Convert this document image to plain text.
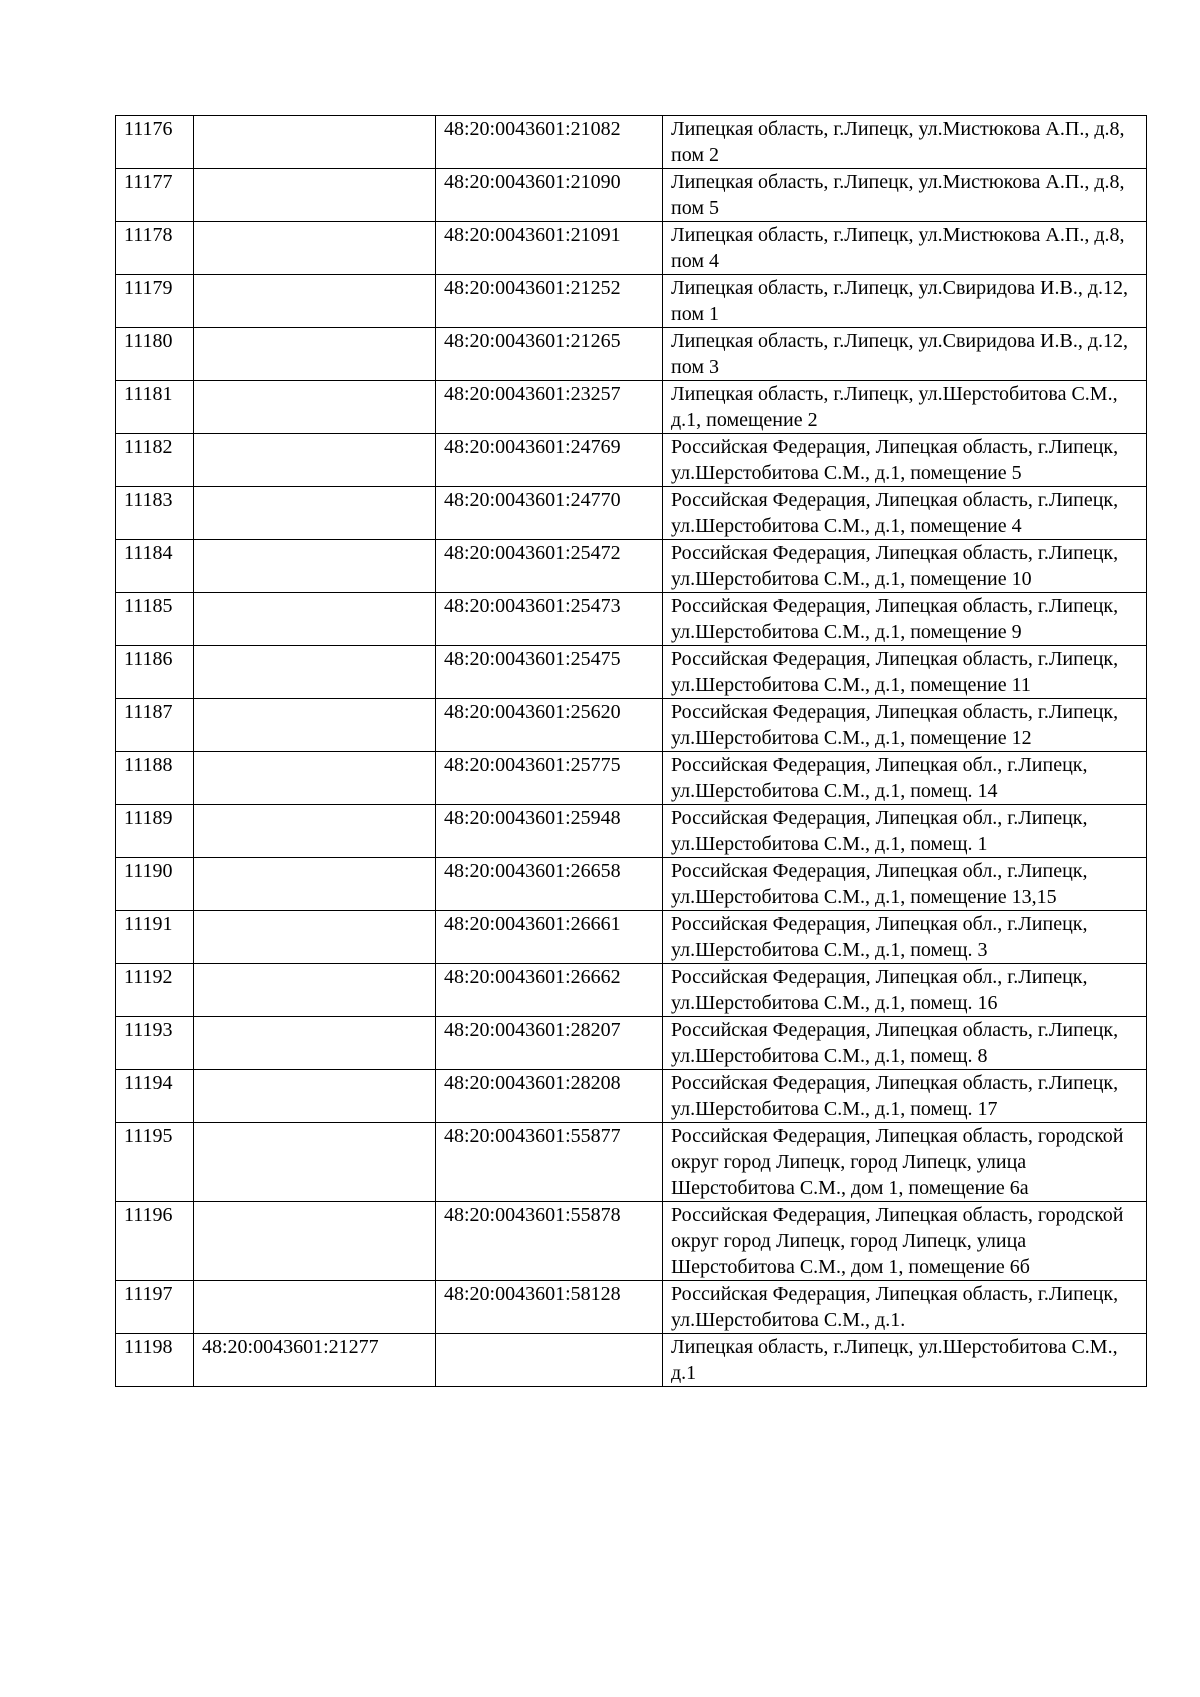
11176		48:20:0043601:21082	Липецкая область, г.Липецк, ул.Мистюкова А.П., д.8, пом 2
11177		48:20:0043601:21090	Липецкая область, г.Липецк, ул.Мистюкова А.П., д.8, пом 5
11178		48:20:0043601:21091	Липецкая область, г.Липецк, ул.Мистюкова А.П., д.8, пом 4
11179		48:20:0043601:21252	Липецкая область, г.Липецк, ул.Свиридова И.В., д.12, пом 1
11180		48:20:0043601:21265	Липецкая область, г.Липецк, ул.Свиридова И.В., д.12, пом 3
11181		48:20:0043601:23257	Липецкая область, г.Липецк, ул.Шерстобитова С.М., д.1, помещение 2
11182		48:20:0043601:24769	Российская Федерация, Липецкая область, г.Липецк, ул.Шерстобитова С.М., д.1, помещение 5
11183		48:20:0043601:24770	Российская Федерация, Липецкая область, г.Липецк, ул.Шерстобитова С.М., д.1, помещение 4
11184		48:20:0043601:25472	Российская Федерация, Липецкая область, г.Липецк, ул.Шерстобитова С.М., д.1, помещение 10
11185		48:20:0043601:25473	Российская Федерация, Липецкая область, г.Липецк, ул.Шерстобитова С.М., д.1, помещение 9
11186		48:20:0043601:25475	Российская Федерация, Липецкая область, г.Липецк, ул.Шерстобитова С.М., д.1, помещение 11
11187		48:20:0043601:25620	Российская Федерация, Липецкая область, г.Липецк, ул.Шерстобитова С.М., д.1, помещение 12
11188		48:20:0043601:25775	Российская Федерация, Липецкая обл., г.Липецк, ул.Шерстобитова С.М., д.1, помещ. 14
11189		48:20:0043601:25948	Российская Федерация, Липецкая обл., г.Липецк, ул.Шерстобитова С.М., д.1, помещ. 1
11190		48:20:0043601:26658	Российская Федерация, Липецкая обл., г.Липецк, ул.Шерстобитова С.М., д.1, помещение 13,15
11191		48:20:0043601:26661	Российская Федерация, Липецкая обл., г.Липецк, ул.Шерстобитова С.М., д.1, помещ. 3
11192		48:20:0043601:26662	Российская Федерация, Липецкая обл., г.Липецк, ул.Шерстобитова С.М., д.1, помещ. 16
11193		48:20:0043601:28207	Российская Федерация, Липецкая область, г.Липецк, ул.Шерстобитова С.М., д.1, помещ. 8
11194		48:20:0043601:28208	Российская Федерация, Липецкая область, г.Липецк, ул.Шерстобитова С.М., д.1, помещ. 17
11195		48:20:0043601:55877	Российская Федерация, Липецкая область, городской округ город Липецк, город Липецк, улица Шерстобитова С.М., дом 1, помещение 6а
11196		48:20:0043601:55878	Российская Федерация, Липецкая область, городской округ город Липецк, город Липецк, улица Шерстобитова С.М., дом 1, помещение 6б
11197		48:20:0043601:58128	Российская Федерация, Липецкая область, г.Липецк, ул.Шерстобитова С.М., д.1.
11198	48:20:0043601:21277		Липецкая область, г.Липецк, ул.Шерстобитова С.М., д.1
